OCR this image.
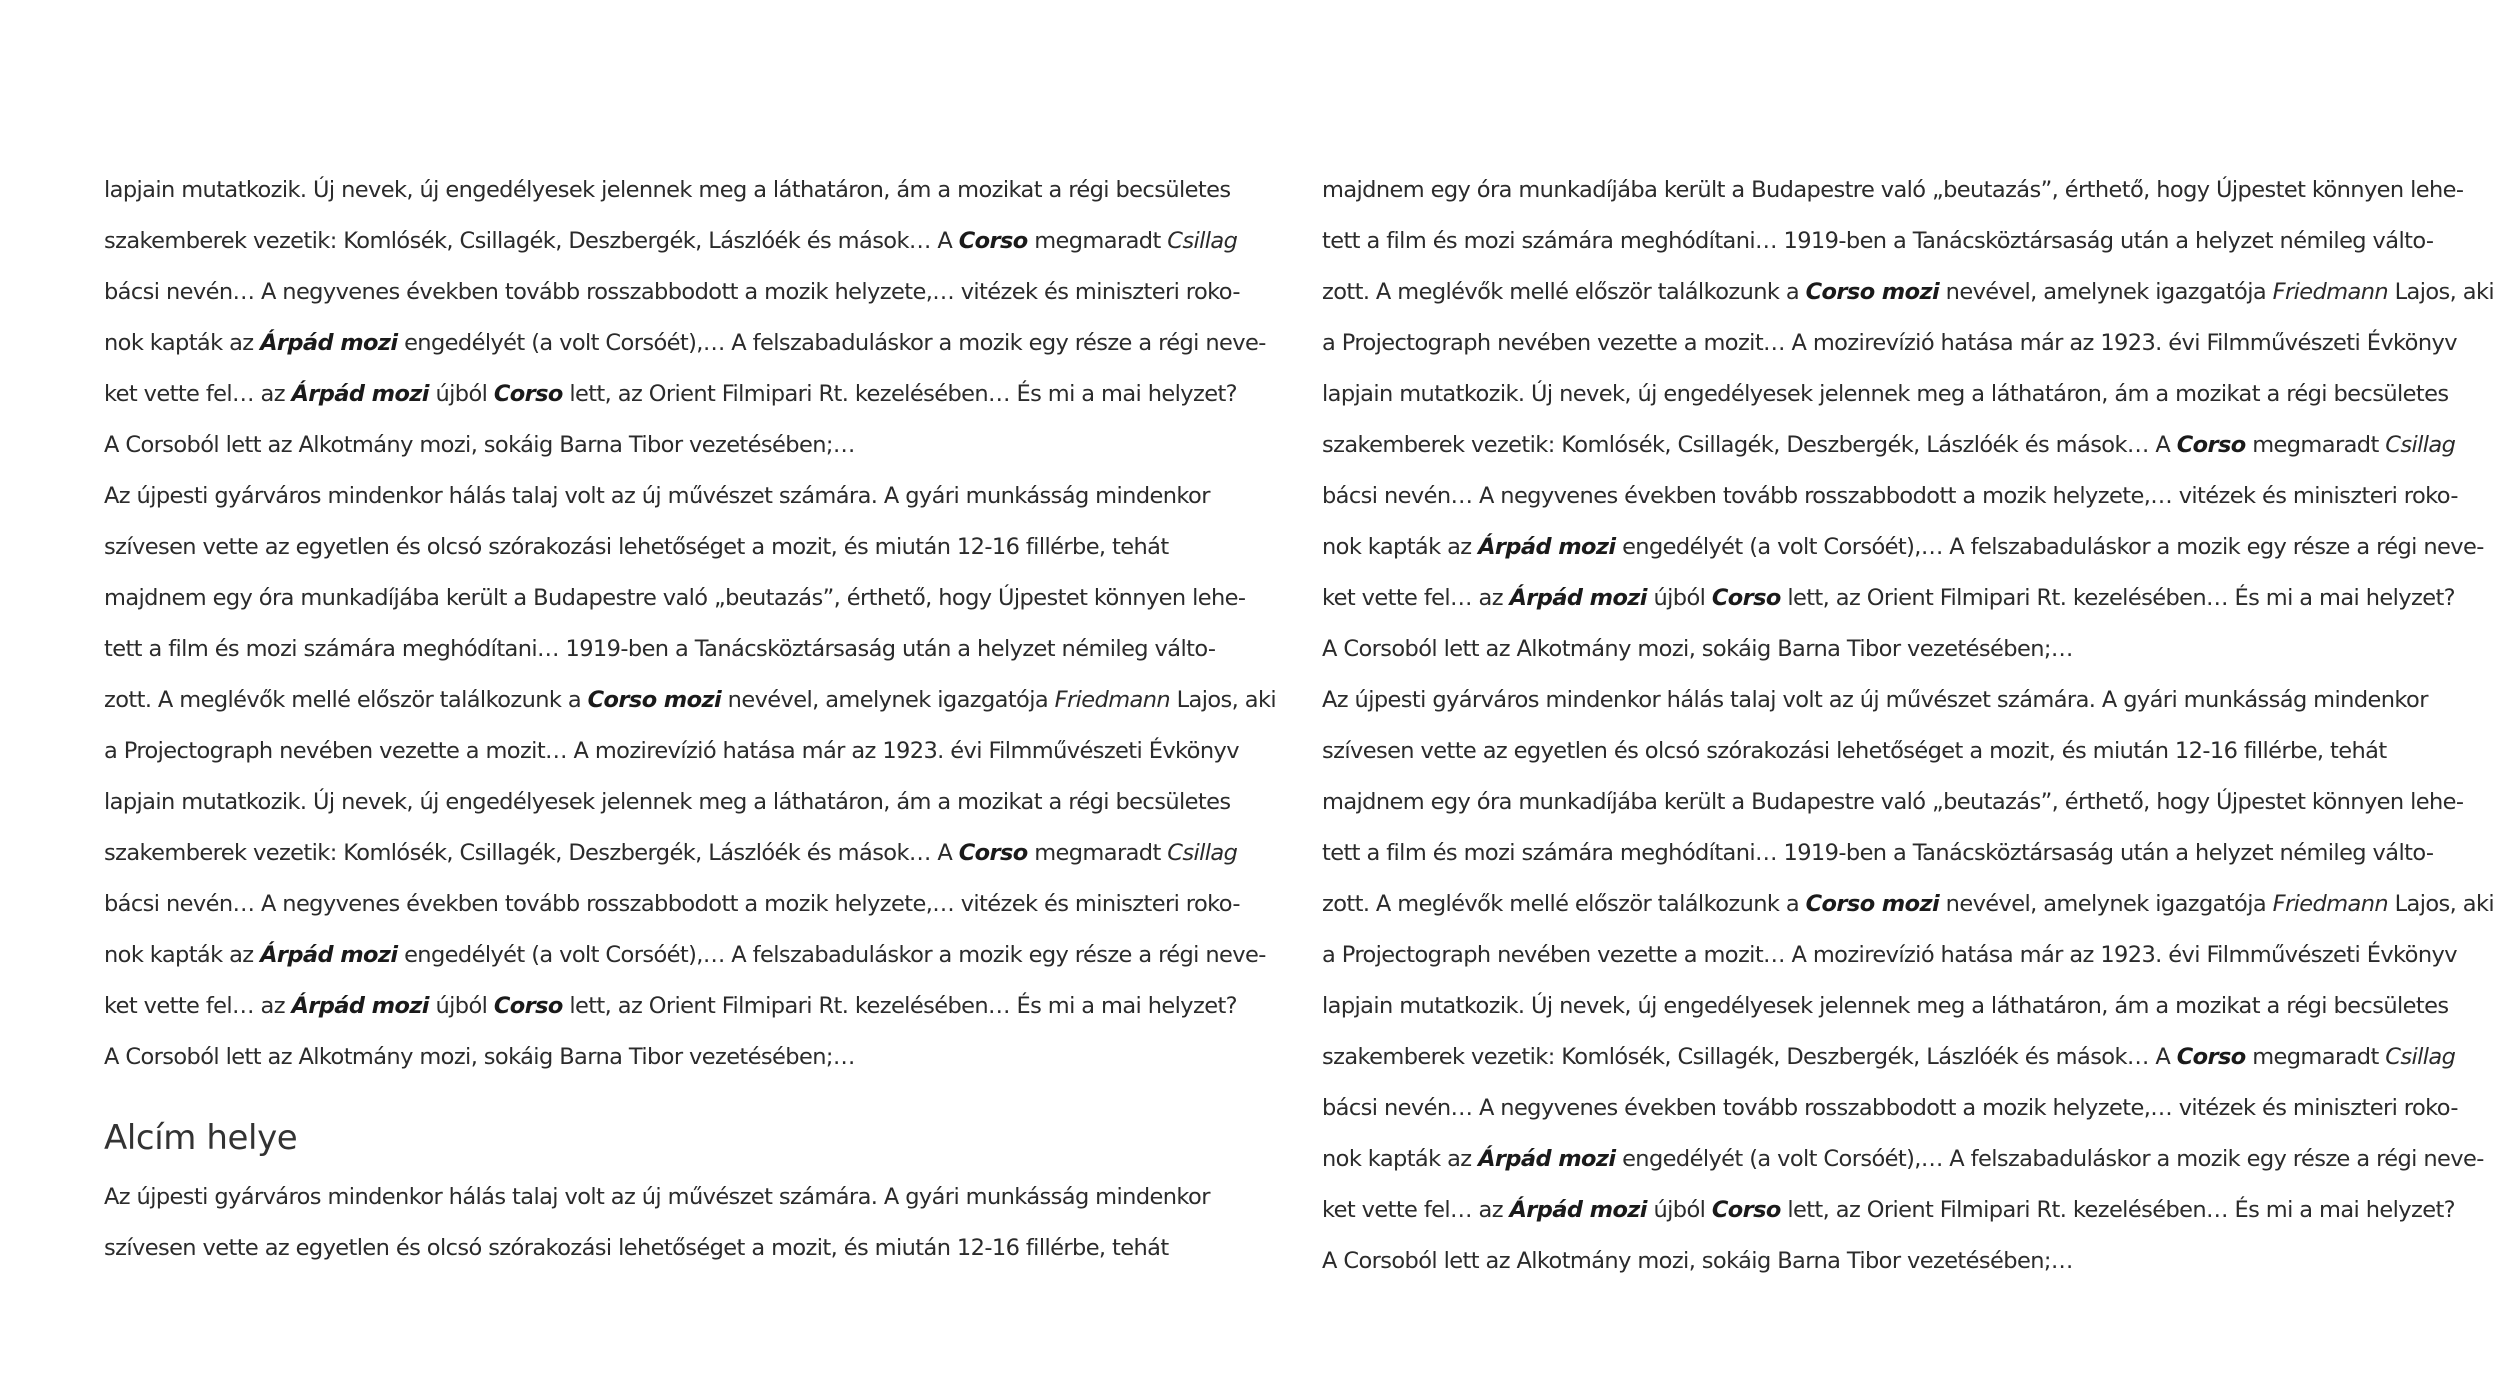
lapjain mutatkozik. Új nevek, új engedélyesek jelennek meg a láthatáron, ám a mozikat a régi becsületes
szakemberek vezetik: Komlósék, Csillagék, Deszbergék, Lászlóék és mások… A Corso megmaradt Csillag
bácsi nevén… A negyvenes években tovább rosszabbodott a mozik helyzete,… vitézek és miniszteri roko-
nok kapták az Árpád mozi engedélyét (a volt Corsóét),… A felszabaduláskor a mozik egy része a régi neve-
ket vette fel… az Árpád mozi újból Corso lett, az Orient Filmipari Rt. kezelésében… És mi a mai helyzet?
A Corsoból lett az Alkotmány mozi, sokáig Barna Tibor vezetésében;…
Az újpesti gyárváros mindenkor hálás talaj volt az új művészet számára. A gyári munkásság mindenkor
szívesen vette az egyetlen és olcsó szórakozási lehetőséget a mozit, és miután 12-16 fillérbe, tehát
majdnem egy óra munkadíjába került a Budapestre való „beutazás”, érthető, hogy Újpestet könnyen lehe-
tett a film és mozi számára meghódítani… 1919-ben a Tanácsköztársaság után a helyzet némileg válto-
zott. A meglévők mellé először találkozunk a Corso mozi nevével, amelynek igazgatója Friedmann Lajos, aki
a Projectograph nevében vezette a mozit… A mozirevízió hatása már az 1923. évi Filmművészeti Évkönyv
lapjain mutatkozik. Új nevek, új engedélyesek jelennek meg a láthatáron, ám a mozikat a régi becsületes
szakemberek vezetik: Komlósék, Csillagék, Deszbergék, Lászlóék és mások… A Corso megmaradt Csillag
bácsi nevén… A negyvenes években tovább rosszabbodott a mozik helyzete,… vitézek és miniszteri roko-
nok kapták az Árpád mozi engedélyét (a volt Corsóét),… A felszabaduláskor a mozik egy része a régi neve-
ket vette fel… az Árpád mozi újból Corso lett, az Orient Filmipari Rt. kezelésében… És mi a mai helyzet?
A Corsoból lett az Alkotmány mozi, sokáig Barna Tibor vezetésében;…
Alcím helye
Az újpesti gyárváros mindenkor hálás talaj volt az új művészet számára. A gyári munkásság mindenkor
szívesen vette az egyetlen és olcsó szórakozási lehetőséget a mozit, és miután 12-16 fillérbe, tehát
majdnem egy óra munkadíjába került a Budapestre való „beutazás”, érthető, hogy Újpestet könnyen lehe-
tett a film és mozi számára meghódítani… 1919-ben a Tanácsköztársaság után a helyzet némileg válto-
zott. A meglévők mellé először találkozunk a Corso mozi nevével, amelynek igazgatója Friedmann Lajos, aki
a Projectograph nevében vezette a mozit… A mozirevízió hatása már az 1923. évi Filmművészeti Évkönyv
lapjain mutatkozik. Új nevek, új engedélyesek jelennek meg a láthatáron, ám a mozikat a régi becsületes
szakemberek vezetik: Komlósék, Csillagék, Deszbergék, Lászlóék és mások… A Corso megmaradt Csillag
bácsi nevén… A negyvenes években tovább rosszabbodott a mozik helyzete,… vitézek és miniszteri roko-
nok kapták az Árpád mozi engedélyét (a volt Corsóét),… A felszabaduláskor a mozik egy része a régi neve-
ket vette fel… az Árpád mozi újból Corso lett, az Orient Filmipari Rt. kezelésében… És mi a mai helyzet?
A Corsoból lett az Alkotmány mozi, sokáig Barna Tibor vezetésében;…
Az újpesti gyárváros mindenkor hálás talaj volt az új művészet számára. A gyári munkásság mindenkor
szívesen vette az egyetlen és olcsó szórakozási lehetőséget a mozit, és miután 12-16 fillérbe, tehát
majdnem egy óra munkadíjába került a Budapestre való „beutazás”, érthető, hogy Újpestet könnyen lehe-
tett a film és mozi számára meghódítani… 1919-ben a Tanácsköztársaság után a helyzet némileg válto-
zott. A meglévők mellé először találkozunk a Corso mozi nevével, amelynek igazgatója Friedmann Lajos, aki
a Projectograph nevében vezette a mozit… A mozirevízió hatása már az 1923. évi Filmművészeti Évkönyv
lapjain mutatkozik. Új nevek, új engedélyesek jelennek meg a láthatáron, ám a mozikat a régi becsületes
szakemberek vezetik: Komlósék, Csillagék, Deszbergék, Lászlóék és mások… A Corso megmaradt Csillag
bácsi nevén… A negyvenes években tovább rosszabbodott a mozik helyzete,… vitézek és miniszteri roko-
nok kapták az Árpád mozi engedélyét (a volt Corsóét),… A felszabaduláskor a mozik egy része a régi neve-
ket vette fel… az Árpád mozi újból Corso lett, az Orient Filmipari Rt. kezelésében… És mi a mai helyzet?
A Corsoból lett az Alkotmány mozi, sokáig Barna Tibor vezetésében;…
